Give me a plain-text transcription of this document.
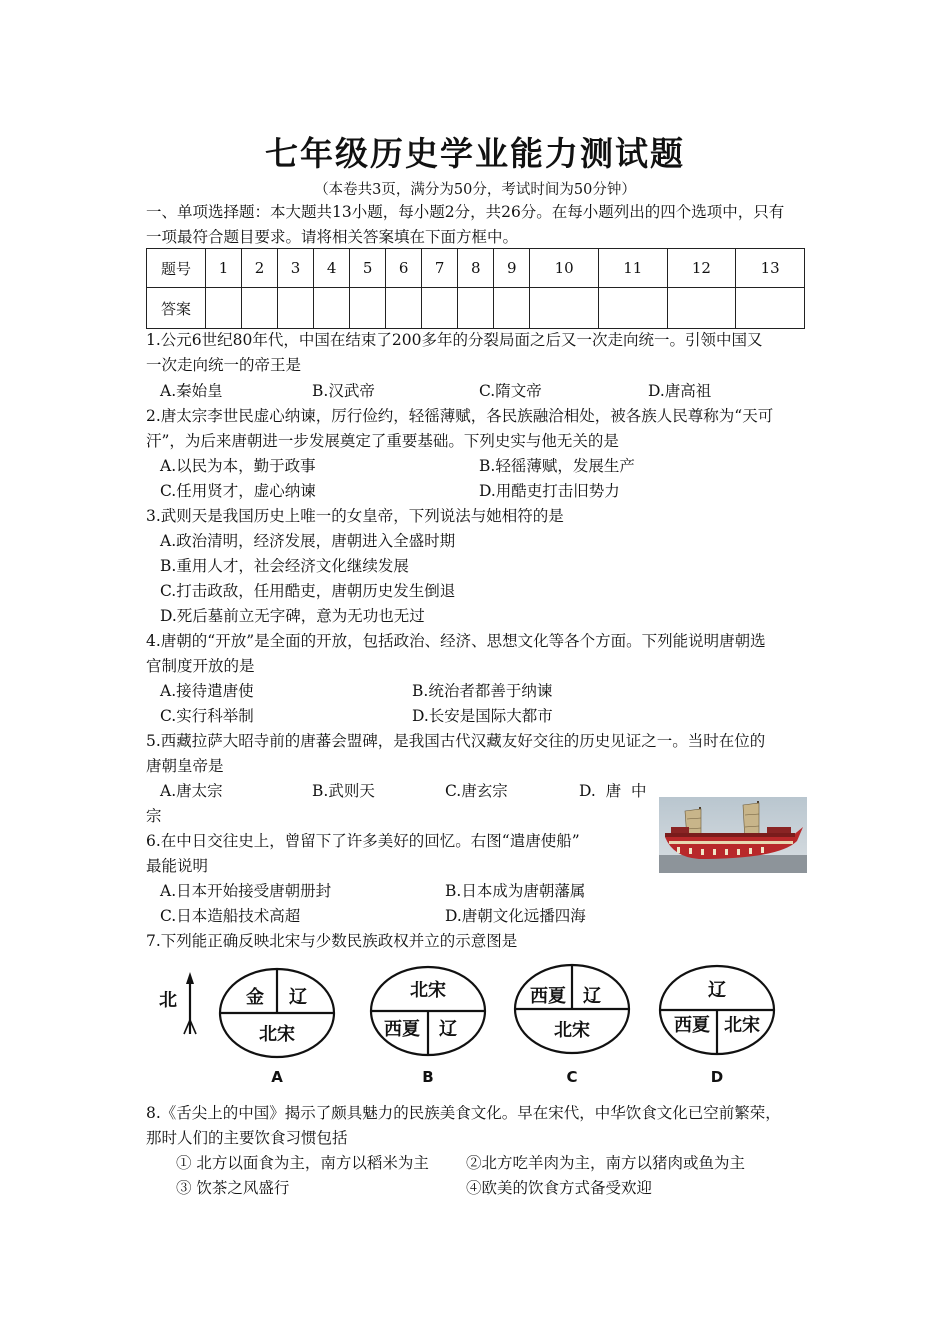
七年级历史学业能力测试题
（本卷共3页，满分为50分，考试时间为50分钟）
一、单项选择题：本大题共13小题，每小题2分，共26分。在每小题列出的四个选项中，只有
一项最符合题目要求。请将相关答案填在下面方框中。
题号	1	2	3	4	5	6	7	8	9	10	11	12	13
答案													
1.公元6世纪80年代，中国在结束了200多年的分裂局面之后又一次走向统一。引领中国又
一次走向统一的帝王是
A.秦始皇	B.汉武帝	C.隋文帝	D.唐高祖
2.唐太宗李世民虚心纳谏，厉行俭约，轻徭薄赋，各民族融洽相处，被各族人民尊称为“天可
汗”，为后来唐朝进一步发展奠定了重要基础。下列史实与他无关的是
A.以民为本，勤于政事	B.轻徭薄赋，发展生产
C.任用贤才，虚心纳谏	D.用酷吏打击旧势力
3.武则天是我国历史上唯一的女皇帝，下列说法与她相符的是
A.政治清明，经济发展，唐朝进入全盛时期
B.重用人才，社会经济文化继续发展
C.打击政敌，任用酷吏，唐朝历史发生倒退
D.死后墓前立无字碑，意为无功也无过
4.唐朝的“开放”是全面的开放，包括政治、经济、思想文化等各个方面。下列能说明唐朝选
官制度开放的是
A.接待遣唐使	B.统治者都善于纳谏
C.实行科举制	D.长安是国际大都市
5.西藏拉萨大昭寺前的唐蕃会盟碑，是我国古代汉藏友好交往的历史见证之一。当时在位的
唐朝皇帝是
A.唐太宗	B.武则天	C.唐玄宗	D.  唐  中
宗
6.在中日交往史上，曾留下了许多美好的回忆。右图“遣唐使船”
最能说明
A.日本开始接受唐朝册封	B.日本成为唐朝藩属
C.日本造船技术高超	D.唐朝文化远播四海
7.下列能正确反映北宋与少数民族政权并立的示意图是
北	金 辽
北宋
A
北宋
西夏 辽
B
西夏 辽
北宋
C
辽
西夏 北宋
D
8.《舌尖上的中国》揭示了颇具魅力的民族美食文化。早在宋代，中华饮食文化已空前繁荣，
那时人们的主要饮食习惯包括
① 北方以面食为主，南方以稻米为主 ②北方吃羊肉为主，南方以猪肉或鱼为主
③ 饮茶之风盛行	④欧美的饮食方式备受欢迎
